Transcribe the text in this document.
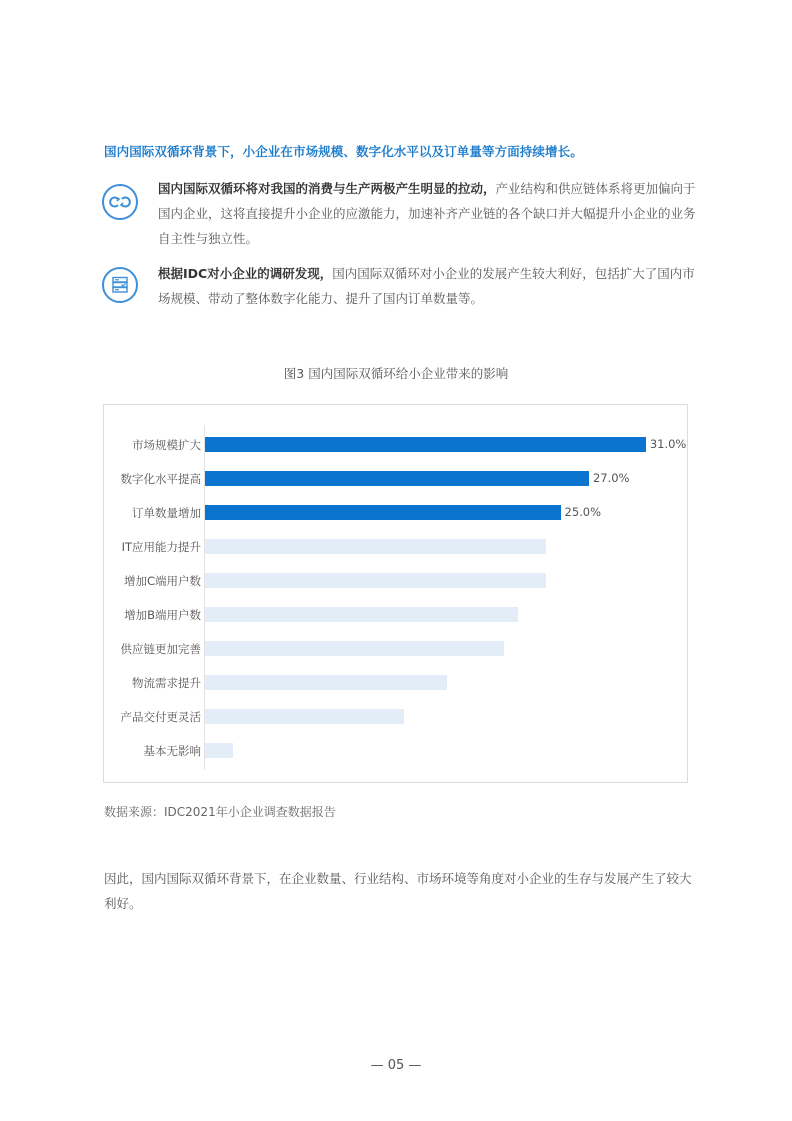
国内国际双循环背景下，小企业在市场规模、数字化水平以及订单量等方面持续增长。
国内国际双循环将对我国的消费与生产两极产生明显的拉动，产业结构和供应链体系将更加偏向于国内企业，这将直接提升小企业的应激能力，加速补齐产业链的各个缺口并大幅提升小企业的业务自主性与独立性。
根据IDC对小企业的调研发现，国内国际双循环对小企业的发展产生较大利好，包括扩大了国内市场规模、带动了整体数字化能力、提升了国内订单数量等。
图3 国内国际双循环给小企业带来的影响
市场规模扩大	31.0%
数字化水平提高	27.0%
订单数量增加	25.0%
IT应用能力提升
增加C端用户数
增加B端用户数
供应链更加完善
物流需求提升
产品交付更灵活
基本无影响
数据来源：IDC2021年小企业调查数据报告
因此，国内国际双循环背景下，在企业数量、行业结构、市场环境等角度对小企业的生存与发展产生了较大利好。
— 05 —
